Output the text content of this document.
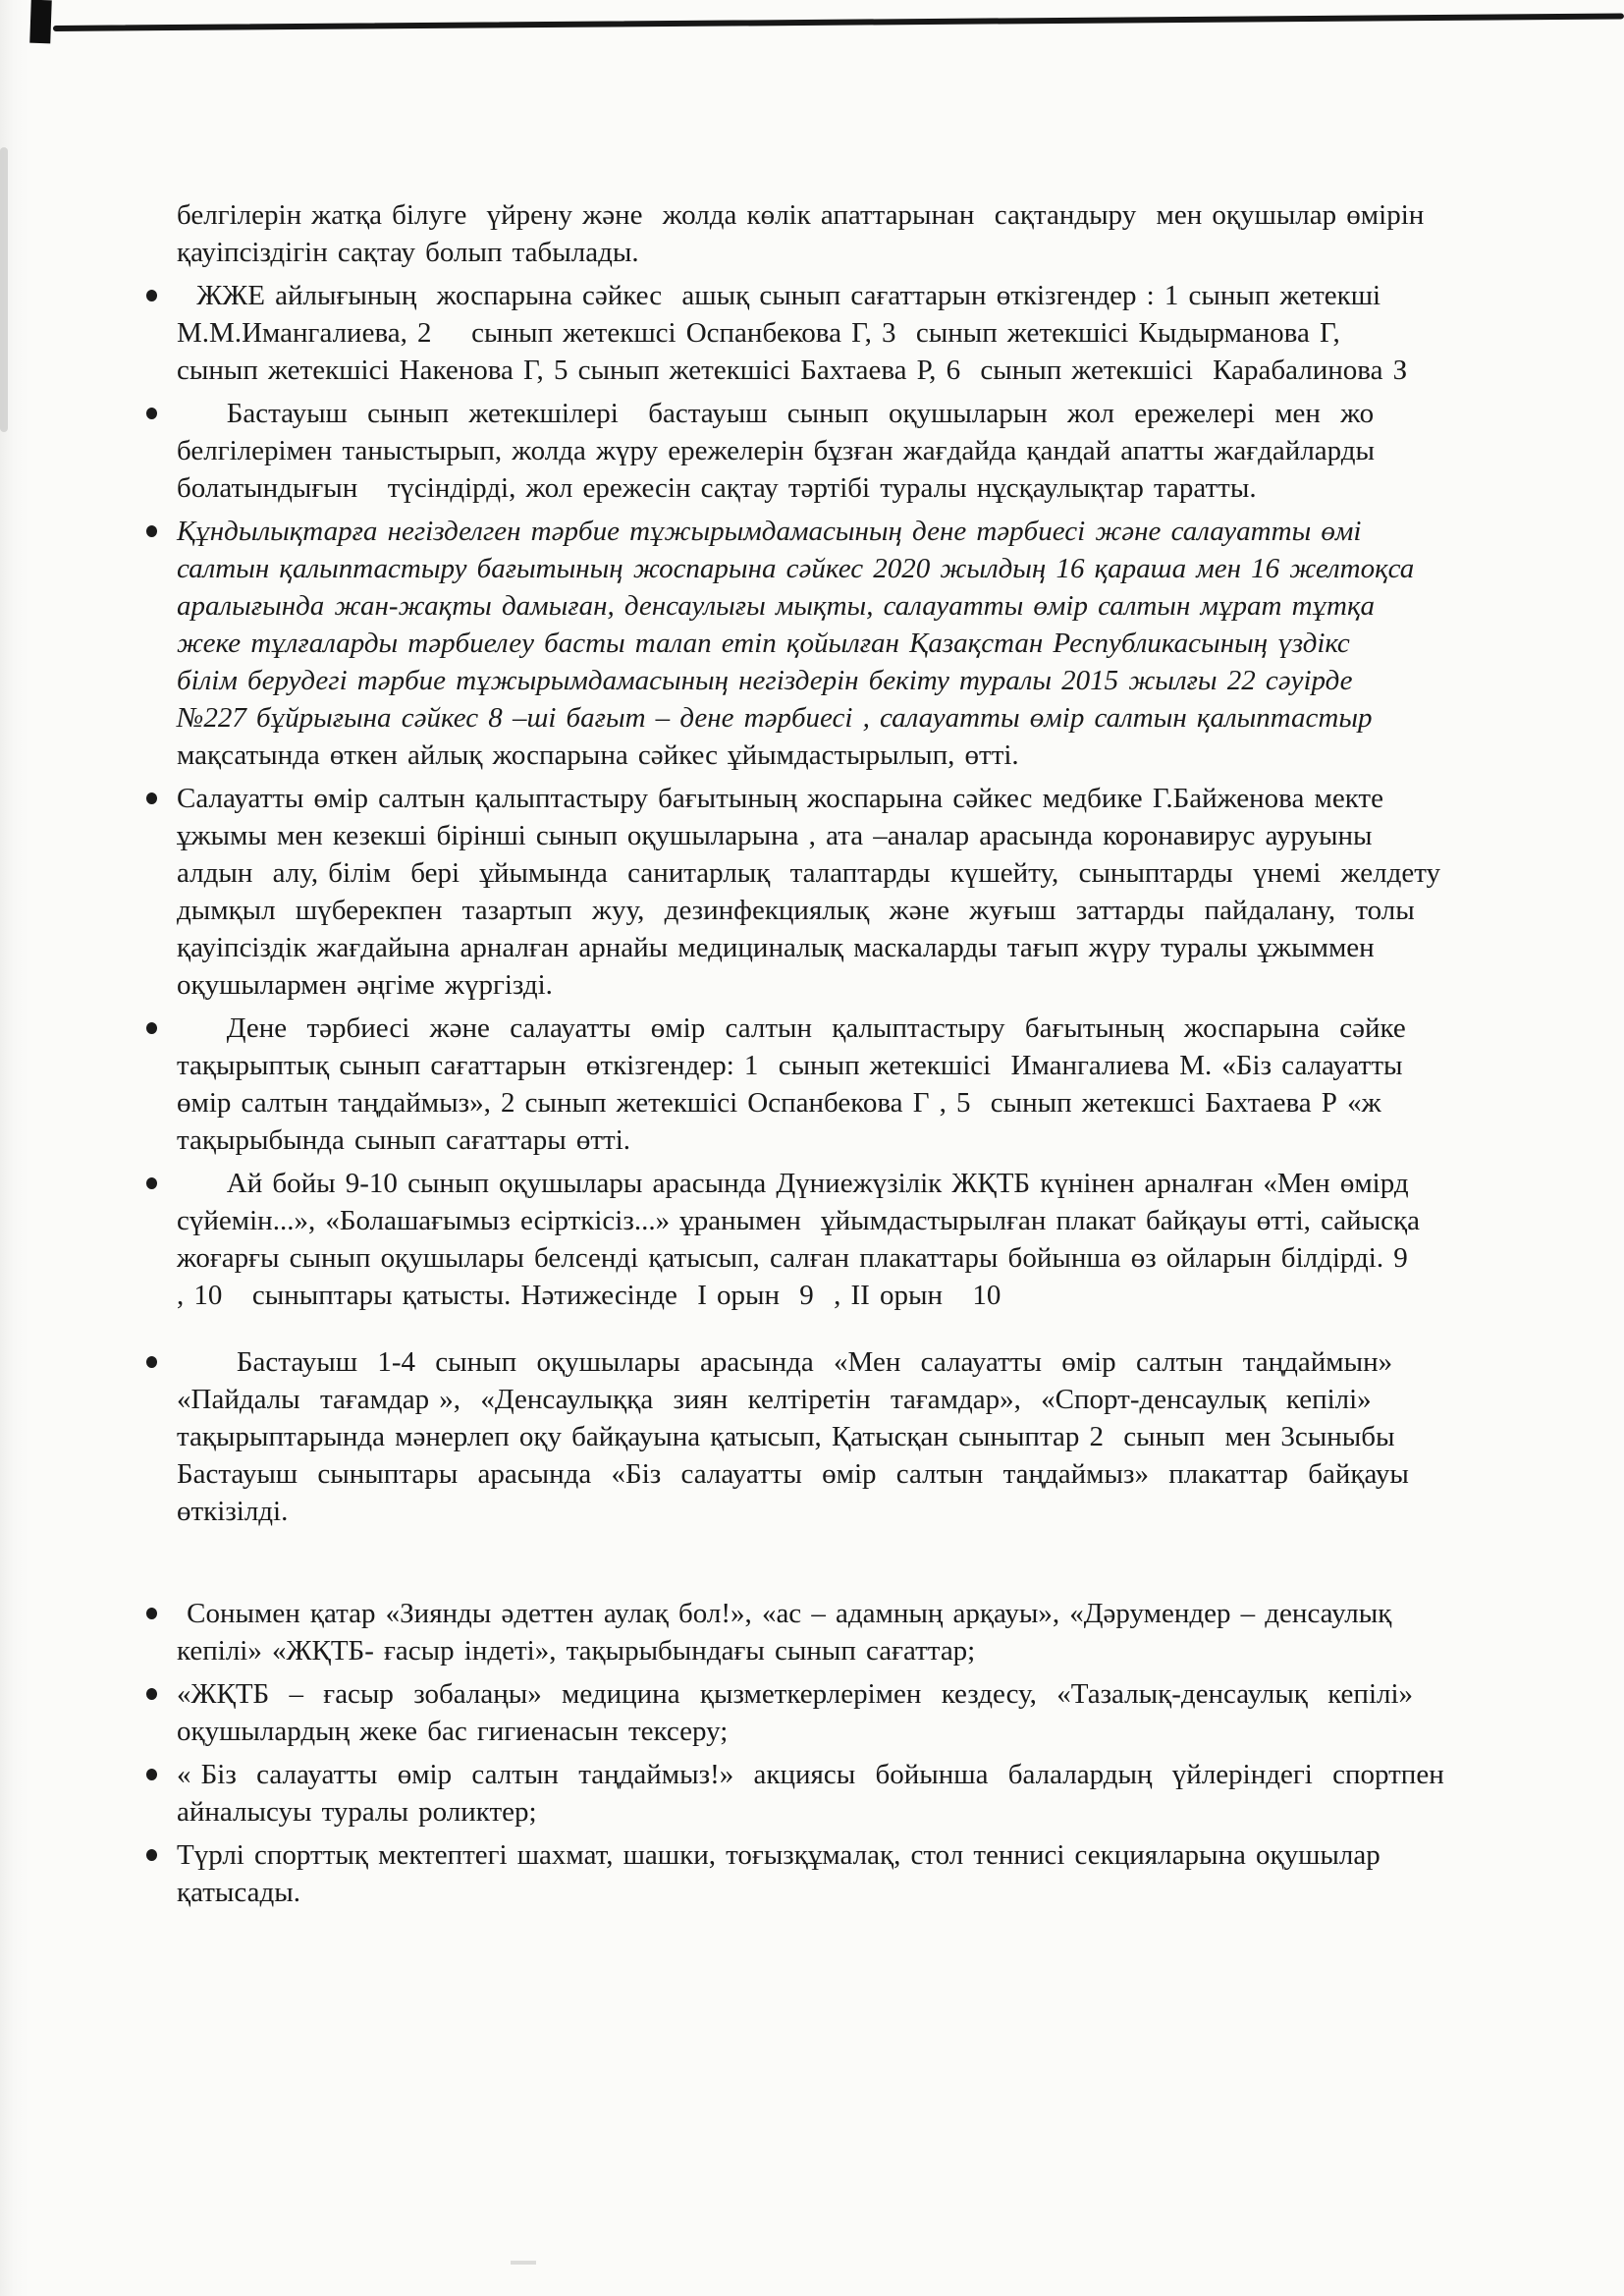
белгілерін жатқа білуге  үйрену және  жолда көлік апаттарынан  сақтандыру  мен оқушылар өмірін
қауіпсіздігін сақтау болып табылады.
ЖЖЕ айлығының  жоспарына сәйкес  ашық сынып сағаттарын өткізгендер : 1 сынып жетекші
М.М.Имангалиева, 2    сынып жетекшсі Оспанбекова Г, 3  сынып жетекшісі Кыдырманова Г,
сынып жетекшісі Накенова Г, 5 сынып жетекшісі Бахтаева Р, 6  сынып жетекшісі  Карабалинова З
Бастауыш  сынып  жетекшілері   бастауыш  сынып  оқушыларын  жол  ережелері  мен  жо
белгілерімен таныстырып, жолда жүру ережелерін бұзған жағдайда қандай апатты жағдайларды
болатындығын   түсіндірді, жол ережесін сақтау тәртібі туралы нұсқаулықтар таратты.
Құндылықтарға негізделген тәрбие тұжырымдамасының дене тәрбиесі және салауатты өмі
салтын қалыптастыру бағытының жоспарына сәйкес 2020 жылдың 16 қараша мен 16 желтоқса
аралығында жан-жақты дамыған, денсаулығы мықты, салауатты өмір салтын мұрат тұтқа
жеке тұлғаларды тәрбиелеу басты талап етіп қойылған Қазақстан Республикасының үздікс
білім берудегі тәрбие тұжырымдамасының негіздерін бекіту туралы 2015 жылғы 22 сәуірде
№227 бұйрығына сәйкес 8 –ші бағыт – дене тәрбиесі , салауатты өмір салтын қалыптастыр
мақсатында өткен айлық жоспарына сәйкес ұйымдастырылып, өтті.
Салауатты өмір салтын қалыптастыру бағытының жоспарына сәйкес медбике Г.Байженова мекте
ұжымы мен кезекші бірінші сынып оқушыларына , ата –аналар арасында коронавирус ауруыны
алдын  алу, білім  бері  ұйымында  санитарлық  талаптарды  күшейту,  сыныптарды  үнемі  желдету
дымқыл  шүберекпен  тазартып  жуу,  дезинфекциялық  және  жуғыш  заттарды  пайдалану,  толы
қауіпсіздік жағдайына арналған арнайы медициналық маскаларды тағып жүру туралы ұжыммен
оқушылармен әңгіме жүргізді.
Дене  тәрбиесі  және  салауатты  өмір  салтын  қалыптастыру  бағытының  жоспарына  сәйке
тақырыптық сынып сағаттарын  өткізгендер: 1  сынып жетекшісі  Имангалиева М. «Біз салауатты
өмір салтын таңдаймыз», 2 сынып жетекшісі Оспанбекова Г , 5  сынып жетекшсі Бахтаева Р «ж
тақырыбында сынып сағаттары өтті.
Ай бойы 9-10 сынып оқушылары арасында Дүниежүзілік ЖҚТБ күнінен арналған «Мен өмірд
сүйемін...», «Болашағымыз есірткісіз...» ұранымен  ұйымдастырылған плакат байқауы өтті, сайысқа
жоғарғы сынып оқушылары белсенді қатысып, салған плакаттары бойынша өз ойларын білдірді. 9
, 10   сыныптары қатысты. Нәтижесінде  I орын  9  , II орын   10
Бастауыш  1-4  сынып  оқушылары  арасында  «Мен  салауатты  өмір  салтын  таңдаймын»
«Пайдалы  тағамдар »,  «Денсаулыққа  зиян  келтіретін  тағамдар»,  «Спорт-денсаулық  кепілі»
тақырыптарында мәнерлеп оқу байқауына қатысып, Қатысқан сыныптар 2  сынып  мен 3сыныбы
Бастауыш  сыныптары  арасында  «Біз  салауатты  өмір  салтын  таңдаймыз»  плакаттар  байқауы
өткізілді.
Сонымен қатар «Зиянды әдеттен аулақ бол!», «ас – адамның арқауы», «Дәрумендер – денсаулық
кепілі» «ЖҚТБ- ғасыр індеті», тақырыбындағы сынып сағаттар;
«ЖҚТБ  –  ғасыр  зобалаңы»  медицина  қызметкерлерімен  кездесу,  «Тазалық-денсаулық  кепілі»
оқушылардың жеке бас гигиенасын тексеру;
« Біз  салауатты  өмір  салтын  таңдаймыз!»  акциясы  бойынша  балалардың  үйлеріндегі  спортпен
айналысуы туралы роликтер;
Түрлі спорттық мектептегі шахмат, шашки, тоғызқұмалақ, стол теннисі секцияларына оқушылар
қатысады.
